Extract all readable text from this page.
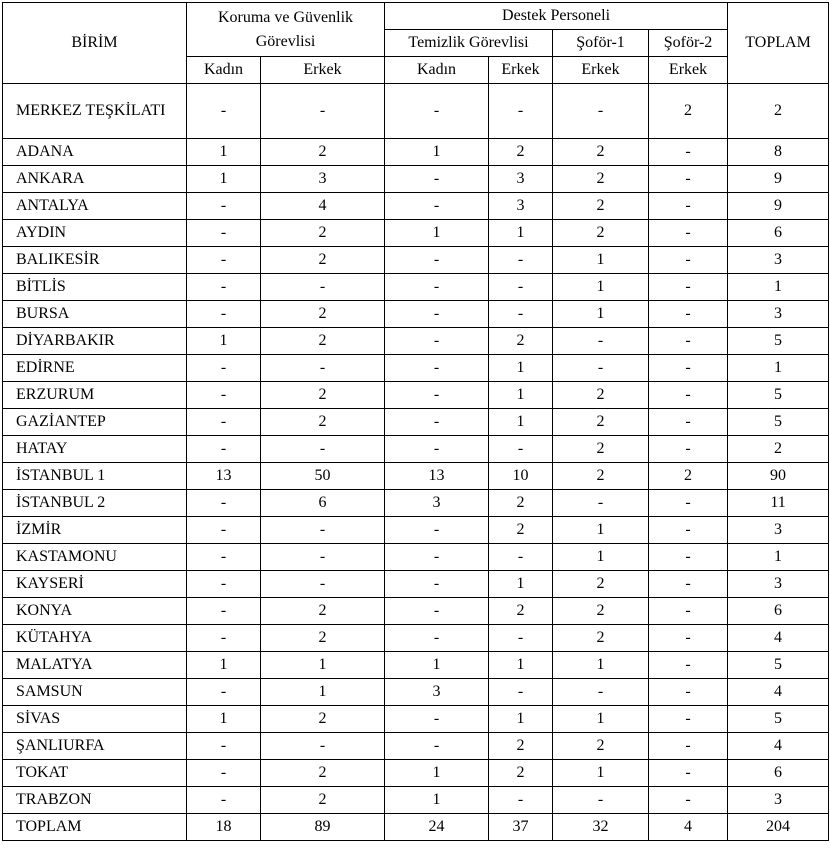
BİRİM	Koruma ve Güvenlik Görevlisi		Destek Personeli				TOPLAM
			Temizlik Görevlisi		Şoför-1	Şoför-2	
	Kadın	Erkek	Kadın	Erkek	Erkek	Erkek	
MERKEZ TEŞKİLATI	-	-	-	-	-	2	2
ADANA	1	2	1	2	2	-	8
ANKARA	1	3	-	3	2	-	9
ANTALYA	-	4	-	3	2	-	9
AYDIN	-	2	1	1	2	-	6
BALIKESİR	-	2	-	-	1	-	3
BİTLİS	-	-	-	-	1	-	1
BURSA	-	2	-	-	1	-	3
DİYARBAKIR	1	2	-	2	-	-	5
EDİRNE	-	-	-	1	-	-	1
ERZURUM	-	2	-	1	2	-	5
GAZİANTEP	-	2	-	1	2	-	5
HATAY	-	-	-	-	2	-	2
İSTANBUL 1	13	50	13	10	2	2	90
İSTANBUL 2	-	6	3	2	-	-	11
İZMİR	-	-	-	2	1	-	3
KASTAMONU	-	-	-	-	1	-	1
KAYSERİ	-	-	-	1	2	-	3
KONYA	-	2	-	2	2	-	6
KÜTAHYA	-	2	-	-	2	-	4
MALATYA	1	1	1	1	1	-	5
SAMSUN	-	1	3	-	-	-	4
SİVAS	1	2	-	1	1	-	5
ŞANLIURFA	-	-	-	2	2	-	4
TOKAT	-	2	1	2	1	-	6
TRABZON	-	2	1	-	-	-	3
TOPLAM	18	89	24	37	32	4	204
